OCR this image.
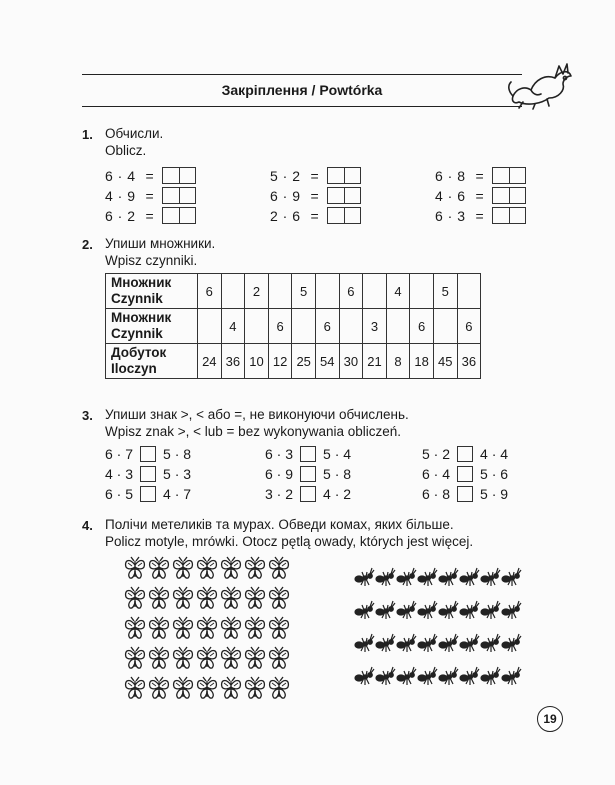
Закріплення / Powtórka
1. Обчисли.
Oblicz.
6 · 4 =	5 · 2 =	6 · 8 =
4 · 9 =	6 · 9 =	4 · 6 =
6 · 2 =	2 · 6 =	6 · 3 =
2. Упиши множники.
Wpisz czynniki.
Множник
Czynnik	6		2		5		6		4		5	

Множник
Czynnik		4		6		6		3		6		6

Добуток
Iloczyn	24	36	10	12	25	54	30	21	8	18	45	36
3. Упиши знак >, < або =, не виконуючи обчислень.
Wpisz znak >, < lub = bez wykonywania obliczeń.
6 · 7 5 · 8	6 · 3 5 · 4	5 · 2 4 · 4
4 · 3 5 · 3	6 · 9 5 · 8	6 · 4 5 · 6
6 · 5 4 · 7	3 · 2 4 · 2	6 · 8 5 · 9
4. Полічи метеликів та мурах. Обведи комах, яких більше.
Policz motyle, mrówki. Otocz pętlą owady, których jest więcej.
19
